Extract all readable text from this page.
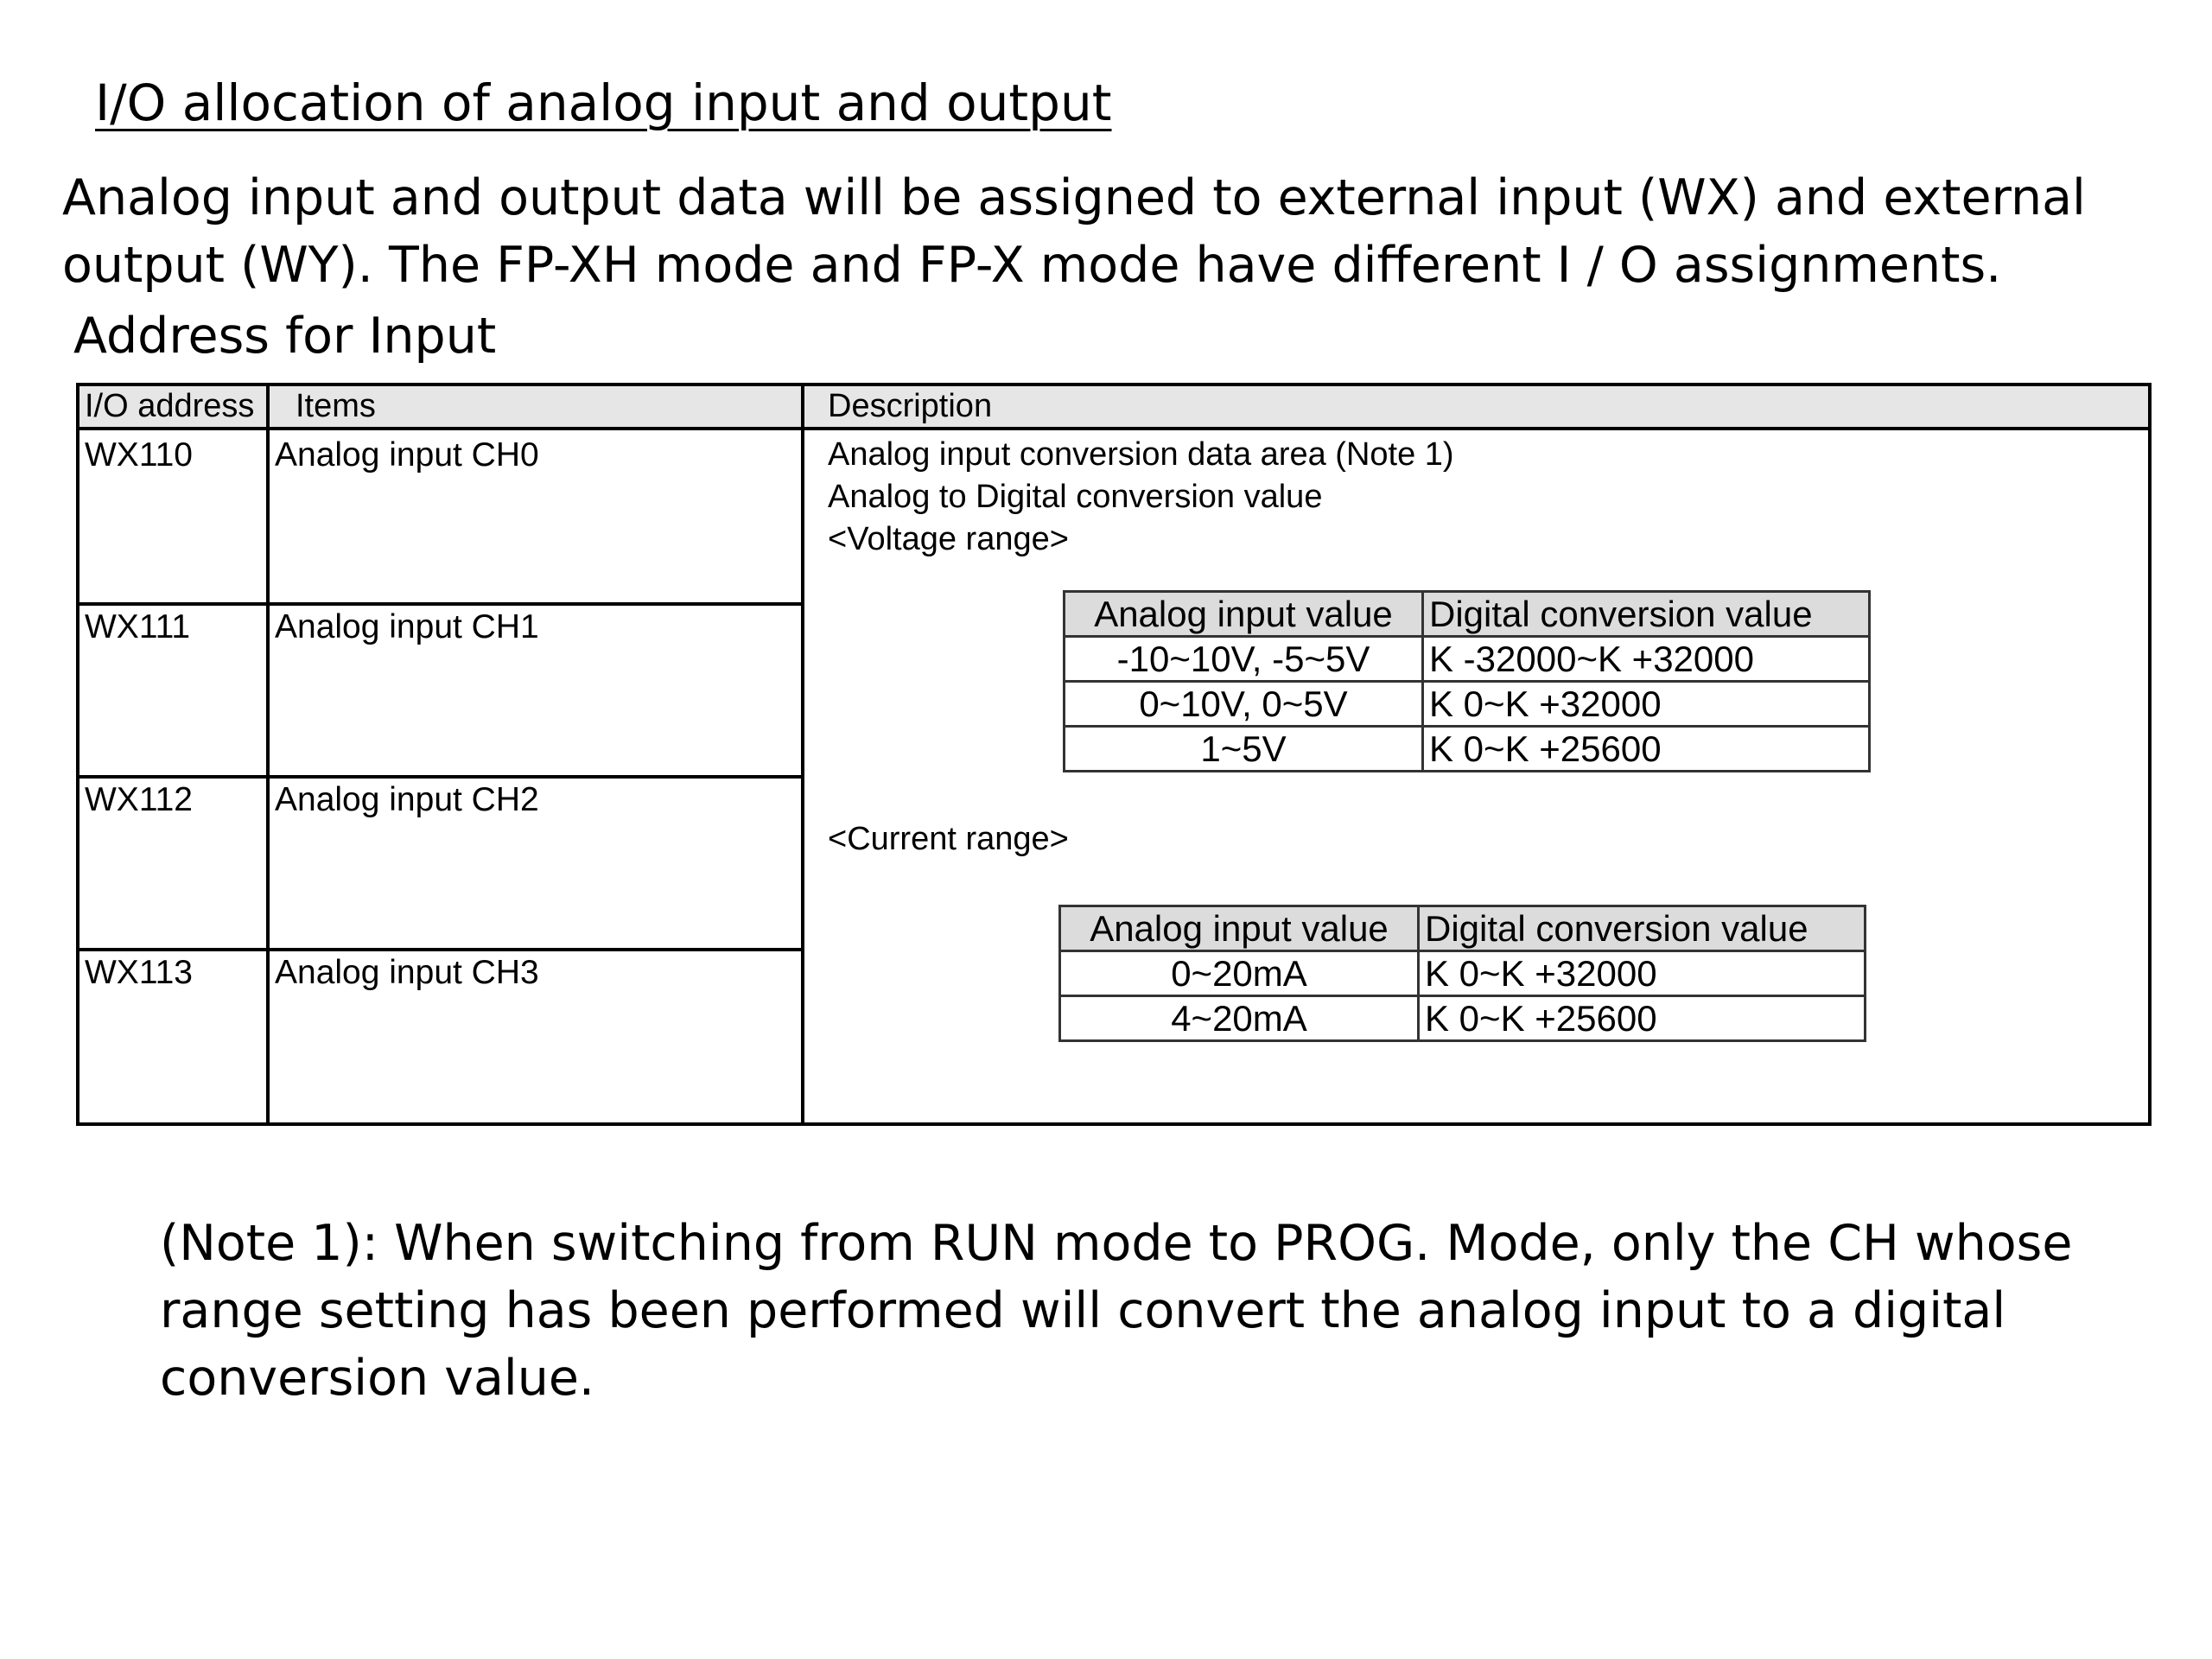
I/O allocation of analog input and output
Analog input and output data will be assigned to external input (WX) and external output (WY). The FP-XH mode and FP-X mode have different I / O assignments.
Address for Input
I/O address Items	Description
WX110 Analog input CH0
WX111	Analog input CH1
WX112 Analog input CH2
WX113 Analog input CH3
Analog input conversion data area (Note 1)
Analog to Digital conversion value
<Voltage range>
Analog input value	Digital conversion value
-10~10V, -5~5V	K -32000~K +32000
0~10V, 0~5V	K 0~K +32000
1~5V	K 0~K +25600
<Current range>
Analog input value	Digital conversion value
0~20mA	K 0~K +32000
4~20mA	K 0~K +25600
(Note 1): When switching from RUN mode to PROG. Mode, only the CH whose range setting has been performed will convert the analog input to a digital conversion value.
